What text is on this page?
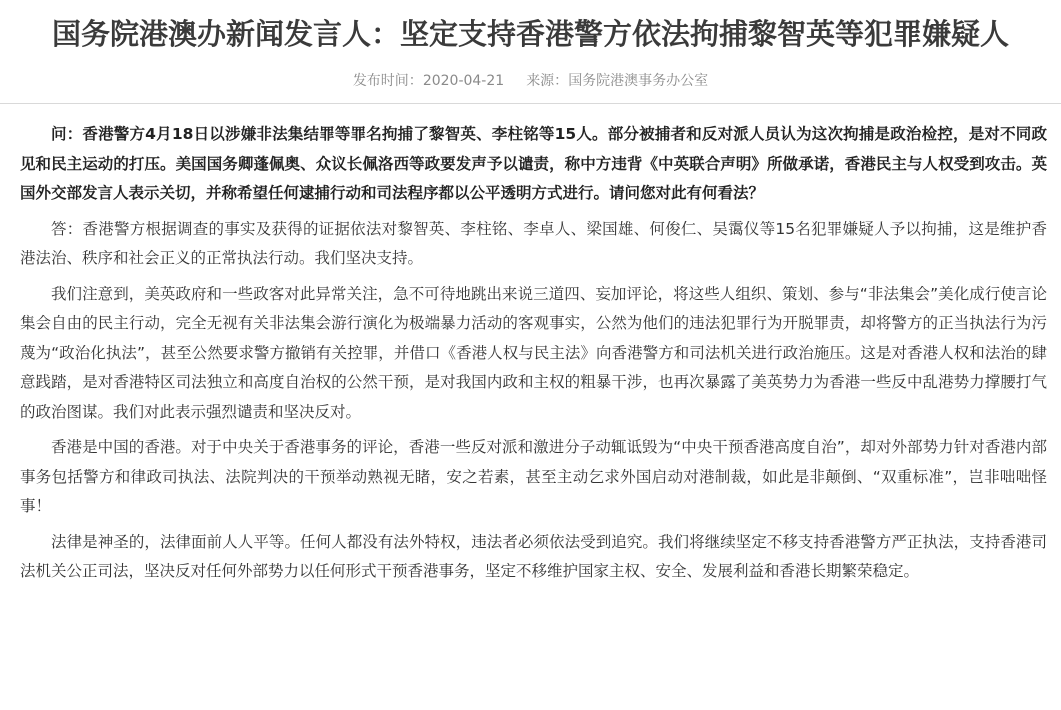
国务院港澳办新闻发言人：坚定支持香港警方依法拘捕黎智英等犯罪嫌疑人
发布时间：2020-04-21 来源：国务院港澳事务办公室

问：香港警方4月18日以涉嫌非法集结罪等罪名拘捕了黎智英、李柱铭等15人。部分被捕者和反对派人员认为这次拘捕是政治检控，是对不同政见和民主运动的打压。美国国务卿蓬佩奥、众议长佩洛西等政要发声予以谴责，称中方违背《中英联合声明》所做承诺，香港民主与人权受到攻击。英国外交部发言人表示关切，并称希望任何逮捕行动和司法程序都以公平透明方式进行。请问您对此有何看法？

答：香港警方根据调查的事实及获得的证据依法对黎智英、李柱铭、李卓人、梁国雄、何俊仁、吴霭仪等15名犯罪嫌疑人予以拘捕，这是维护香港法治、秩序和社会正义的正常执法行动。我们坚决支持。

我们注意到，美英政府和一些政客对此异常关注，急不可待地跳出来说三道四、妄加评论，将这些人组织、策划、参与“非法集会”美化成行使言论集会自由的民主行动，完全无视有关非法集会游行演化为极端暴力活动的客观事实，公然为他们的违法犯罪行为开脱罪责，却将警方的正当执法行为污蔑为“政治化执法”，甚至公然要求警方撤销有关控罪，并借口《香港人权与民主法》向香港警方和司法机关进行政治施压。这是对香港人权和法治的肆意践踏，是对香港特区司法独立和高度自治权的公然干预，是对我国内政和主权的粗暴干涉，也再次暴露了美英势力为香港一些反中乱港势力撑腰打气的政治图谋。我们对此表示强烈谴责和坚决反对。

香港是中国的香港。对于中央关于香港事务的评论，香港一些反对派和激进分子动辄诋毁为“中央干预香港高度自治”，却对外部势力针对香港内部事务包括警方和律政司执法、法院判决的干预举动熟视无睹，安之若素，甚至主动乞求外国启动对港制裁，如此是非颠倒、“双重标准”，岂非咄咄怪事！

法律是神圣的，法律面前人人平等。任何人都没有法外特权，违法者必须依法受到追究。我们将继续坚定不移支持香港警方严正执法，支持香港司法机关公正司法，坚决反对任何外部势力以任何形式干预香港事务，坚定不移维护国家主权、安全、发展利益和香港长期繁荣稳定。
